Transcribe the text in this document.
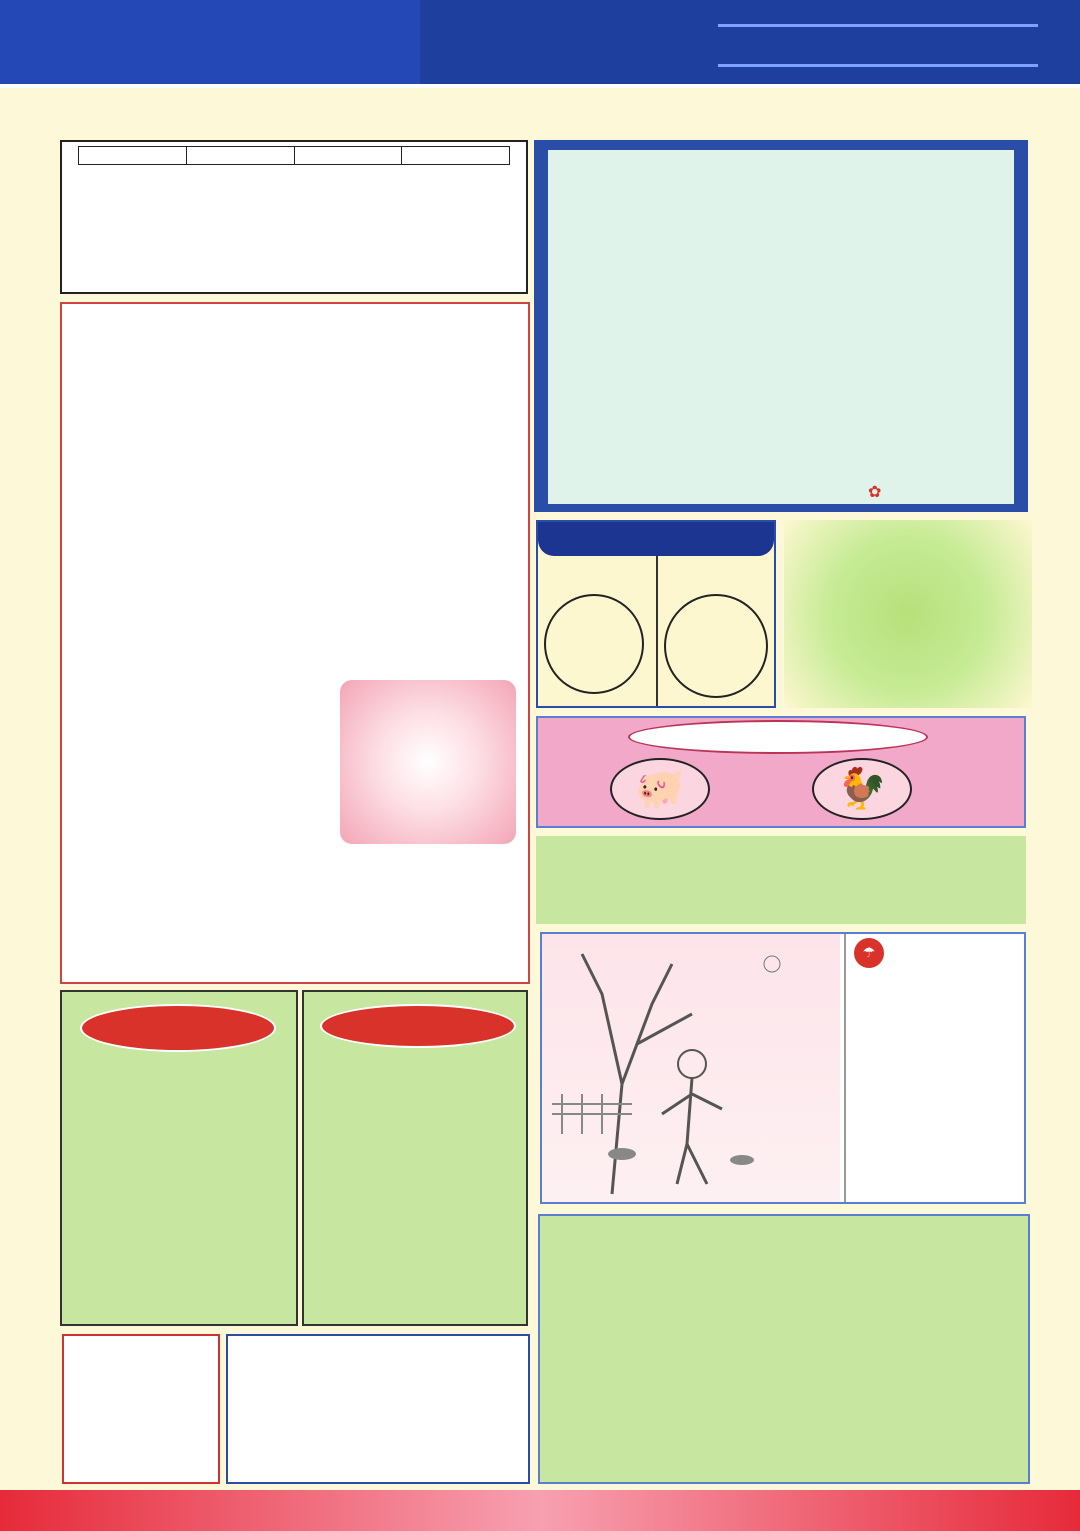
✿
🐖	🐓
☂
